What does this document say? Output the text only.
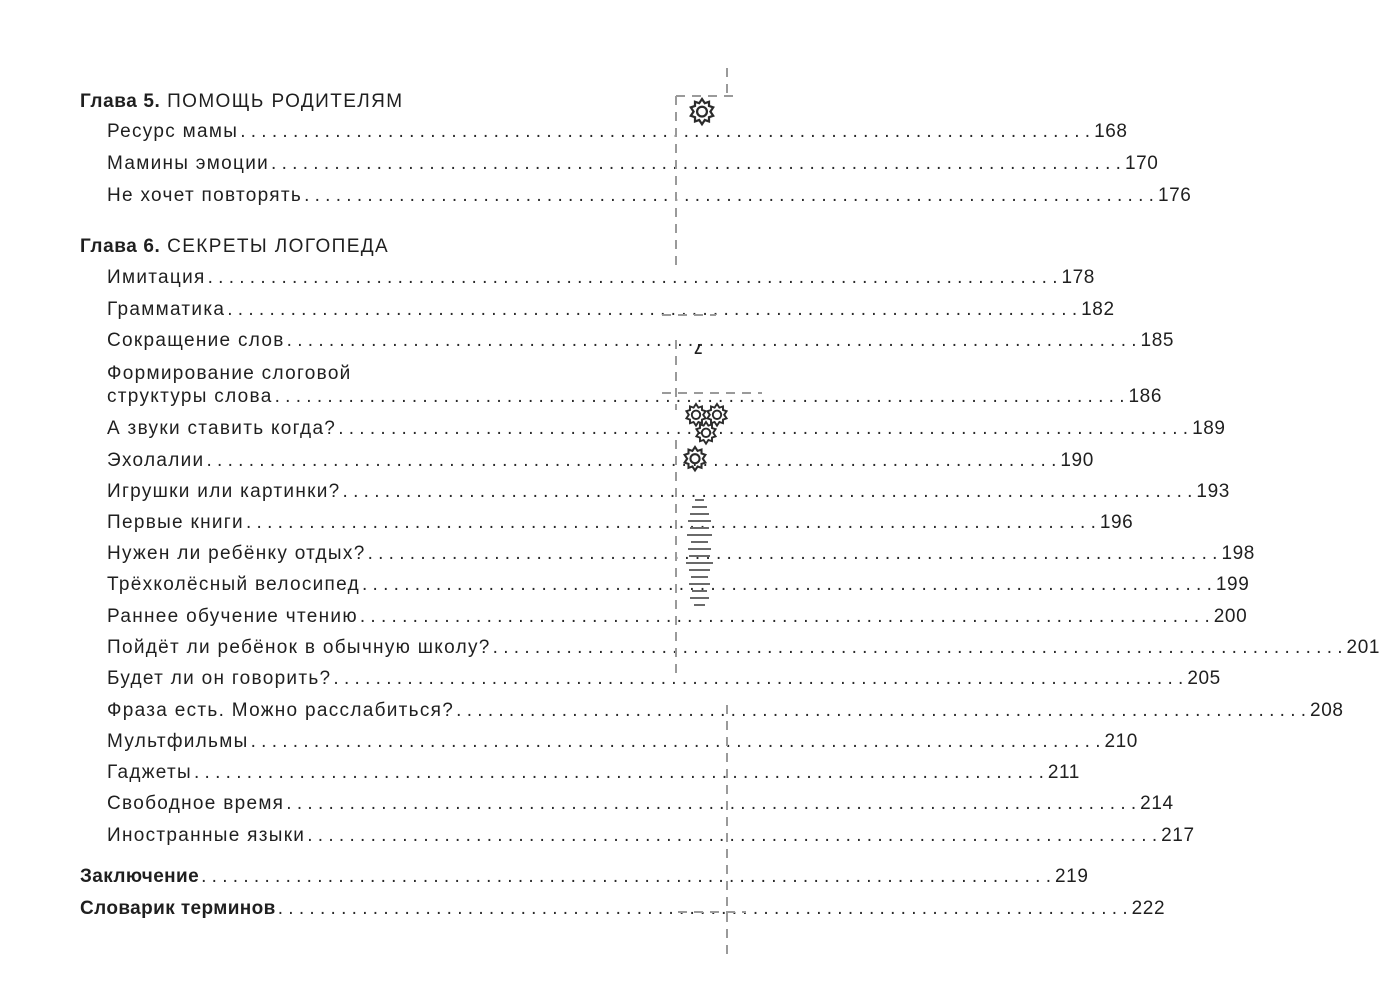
Глава 5. ПОМОЩЬ РОДИТЕЛЯМ
Ресурс мамы . . .	168
Мамины эмоции . . .	170
Не хочет повторять . . .	176
Глава 6. СЕКРЕТЫ ЛОГОПЕДА
Имитация . . .	178
Грамматика . . .	182
Сокращение слов . . .	185
Формирование слоговой
структуры слова . . .	186
А звуки ставить когда? . . .	189
Эхолалии . . .	190
Игрушки или картинки? . . .	193
Первые книги . . .	196
Нужен ли ребёнку отдых? . . .	198
Трёхколёсный велосипед . . .	199
Раннее обучение чтению . . .	200
Пойдёт ли ребёнок в обычную школу? . . .	201
Будет ли он говорить? . . .	205
Фраза есть. Можно расслабиться? . . .	208
Мультфильмы . . .	210
Гаджеты . . .	211
Свободное время . . .	214
Иностранные языки . . .	217
Заключение . . .	219
Словарик терминов . . .	222
7
